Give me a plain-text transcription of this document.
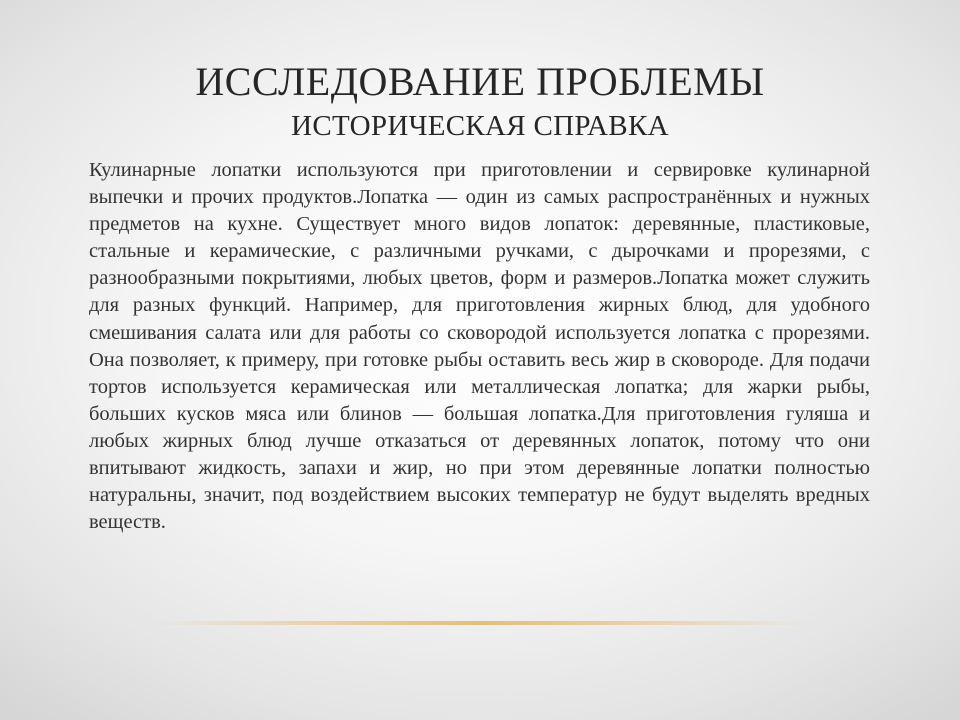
ИССЛЕДОВАНИЕ ПРОБЛЕМЫ
ИСТОРИЧЕСКАЯ СПРАВКА

Кулинарные лопатки используются при приготовлении и сервировке кулинарной выпечки и прочих продуктов.Лопатка — один из самых распространённых и нужных предметов на кухне. Существует много видов лопаток: деревянные, пластиковые, стальные и керамические, с различными ручками, с дырочками и прорезями, с разнообразными покрытиями, любых цветов, форм и размеров.Лопатка может служить для разных функций. Например, для приготовления жирных блюд, для удобного смешивания салата или для работы со сковородой используется лопатка с прорезями. Она позволяет, к примеру, при готовке рыбы оставить весь жир в сковороде. Для подачи тортов используется керамическая или металлическая лопатка; для жарки рыбы, больших кусков мяса или блинов — большая лопатка.Для приготовления гуляша и любых жирных блюд лучше отказаться от деревянных лопаток, потому что они впитывают жидкость, запахи и жир, но при этом деревянные лопатки полностью натуральны, значит, под воздействием высоких температур не будут выделять вредных веществ.
